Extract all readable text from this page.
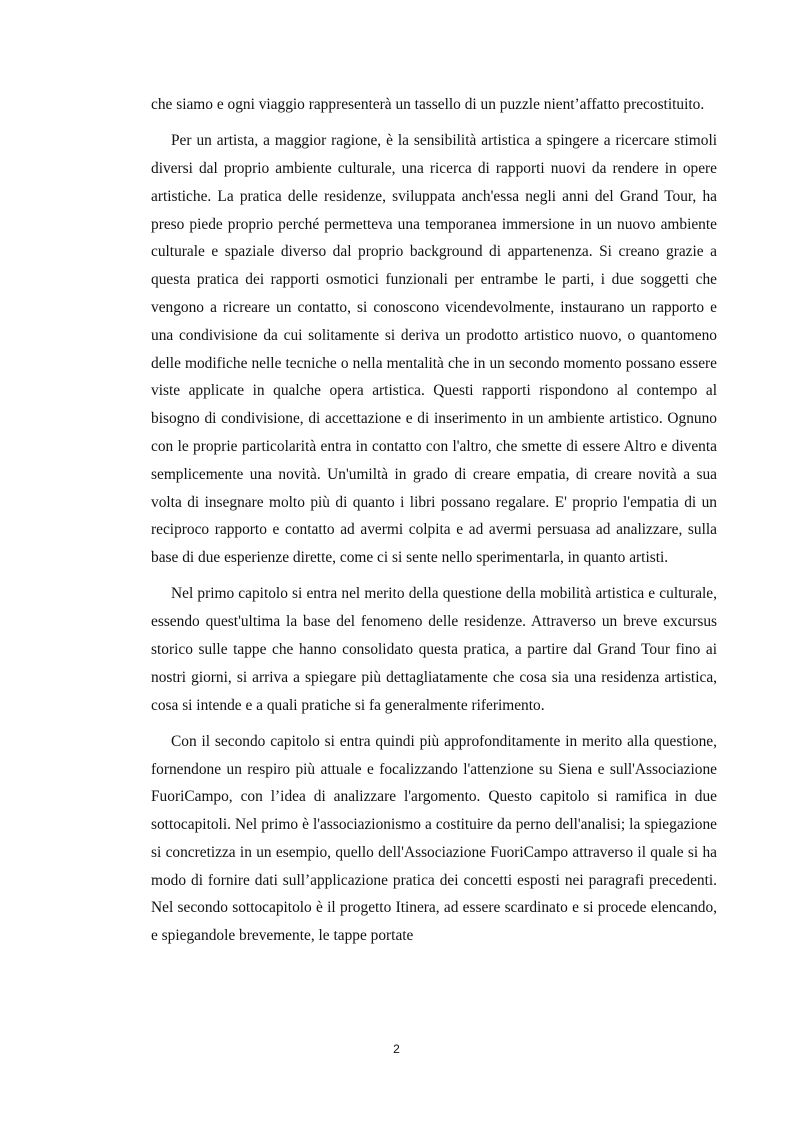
che siamo e ogni viaggio rappresenterà un tassello di un puzzle nient’affatto precostituito.

Per un artista, a maggior ragione, è la sensibilità artistica a spingere a ricercare stimoli diversi dal proprio ambiente culturale, una ricerca di rapporti nuovi da rendere in opere artistiche. La pratica delle residenze, sviluppata anch'essa negli anni del Grand Tour, ha preso piede proprio perché permetteva una temporanea immersione in un nuovo ambiente culturale e spaziale diverso dal proprio background di appartenenza. Si creano grazie a questa pratica dei rapporti osmotici funzionali per entrambe le parti, i due soggetti che vengono a ricreare un contatto, si conoscono vicendevolmente, instaurano un rapporto e una condivisione da cui solitamente si deriva un prodotto artistico nuovo, o quantomeno delle modifiche nelle tecniche o nella mentalità che in un secondo momento possano essere viste applicate in qualche opera artistica. Questi rapporti rispondono al contempo al bisogno di condivisione, di accettazione e di inserimento in un ambiente artistico. Ognuno con le proprie particolarità entra in contatto con l'altro, che smette di essere Altro e diventa semplicemente una novità. Un'umiltà in grado di creare empatia, di creare novità a sua volta di insegnare molto più di quanto i libri possano regalare. E' proprio l'empatia di un reciproco rapporto e contatto ad avermi colpita e ad avermi persuasa ad analizzare, sulla base di due esperienze dirette, come ci si sente nello sperimentarla, in quanto artisti.

Nel primo capitolo si entra nel merito della questione della mobilità artistica e culturale, essendo quest'ultima la base del fenomeno delle residenze. Attraverso un breve excursus storico sulle tappe che hanno consolidato questa pratica, a partire dal Grand Tour fino ai nostri giorni, si arriva a spiegare più dettagliatamente che cosa sia una residenza artistica, cosa si intende e a quali pratiche si fa generalmente riferimento.

Con il secondo capitolo si entra quindi più approfonditamente in merito alla questione, fornendone un respiro più attuale e focalizzando l'attenzione su Siena e sull'Associazione FuoriCampo, con l’idea di analizzare l'argomento. Questo capitolo si ramifica in due sottocapitoli. Nel primo è l'associazionismo a costituire da perno dell'analisi; la spiegazione si concretizza in un esempio, quello dell'Associazione FuoriCampo attraverso il quale si ha modo di fornire dati sull’applicazione pratica dei concetti esposti nei paragrafi precedenti. Nel secondo sottocapitolo è il progetto Itinera, ad essere scardinato e si procede elencando, e spiegandole brevemente, le tappe portate

2
